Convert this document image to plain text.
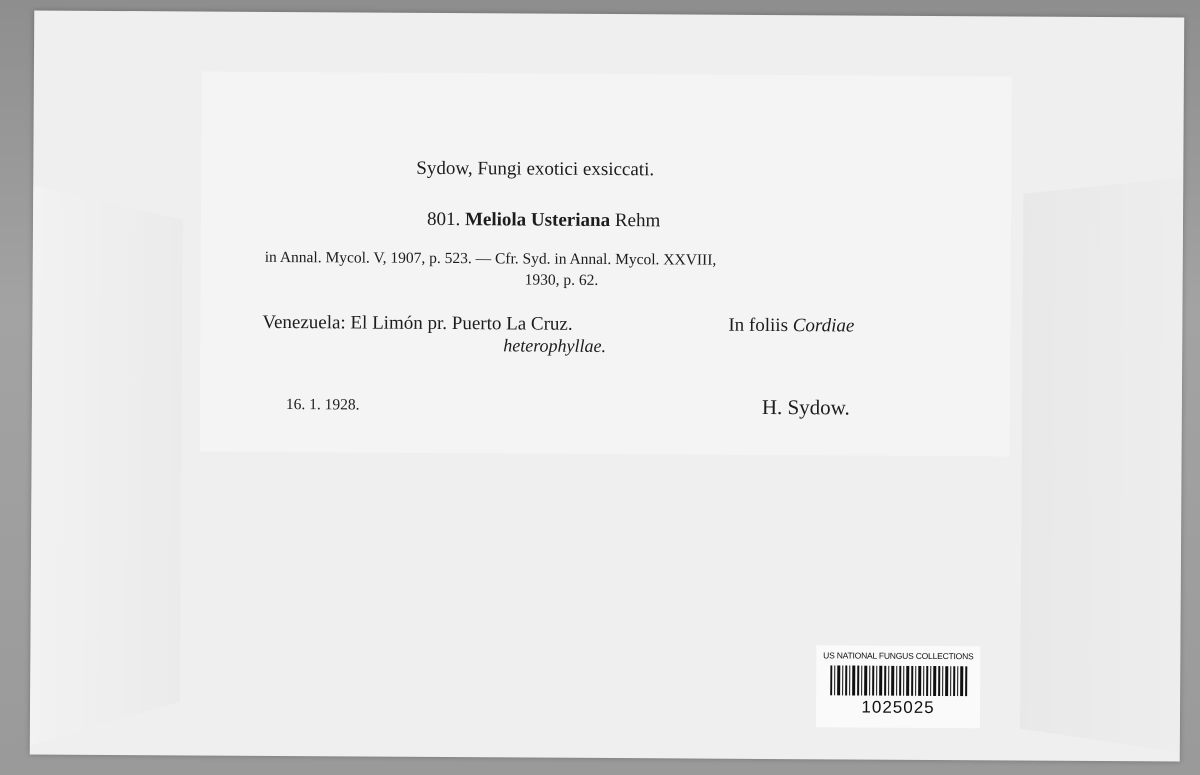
Sydow, Fungi exotici exsiccati.
801. Meliola Usteriana Rehm
in Annal. Mycol. V, 1907, p. 523. — Cfr. Syd. in Annal. Mycol. XXVIII,
1930, p. 62.
Venezuela: El Limón pr. Puerto La Cruz.	In foliis Cordiae
heterophyllae.
16. 1. 1928.	H. Sydow.
US NATIONAL FUNGUS COLLECTIONS
1025025
